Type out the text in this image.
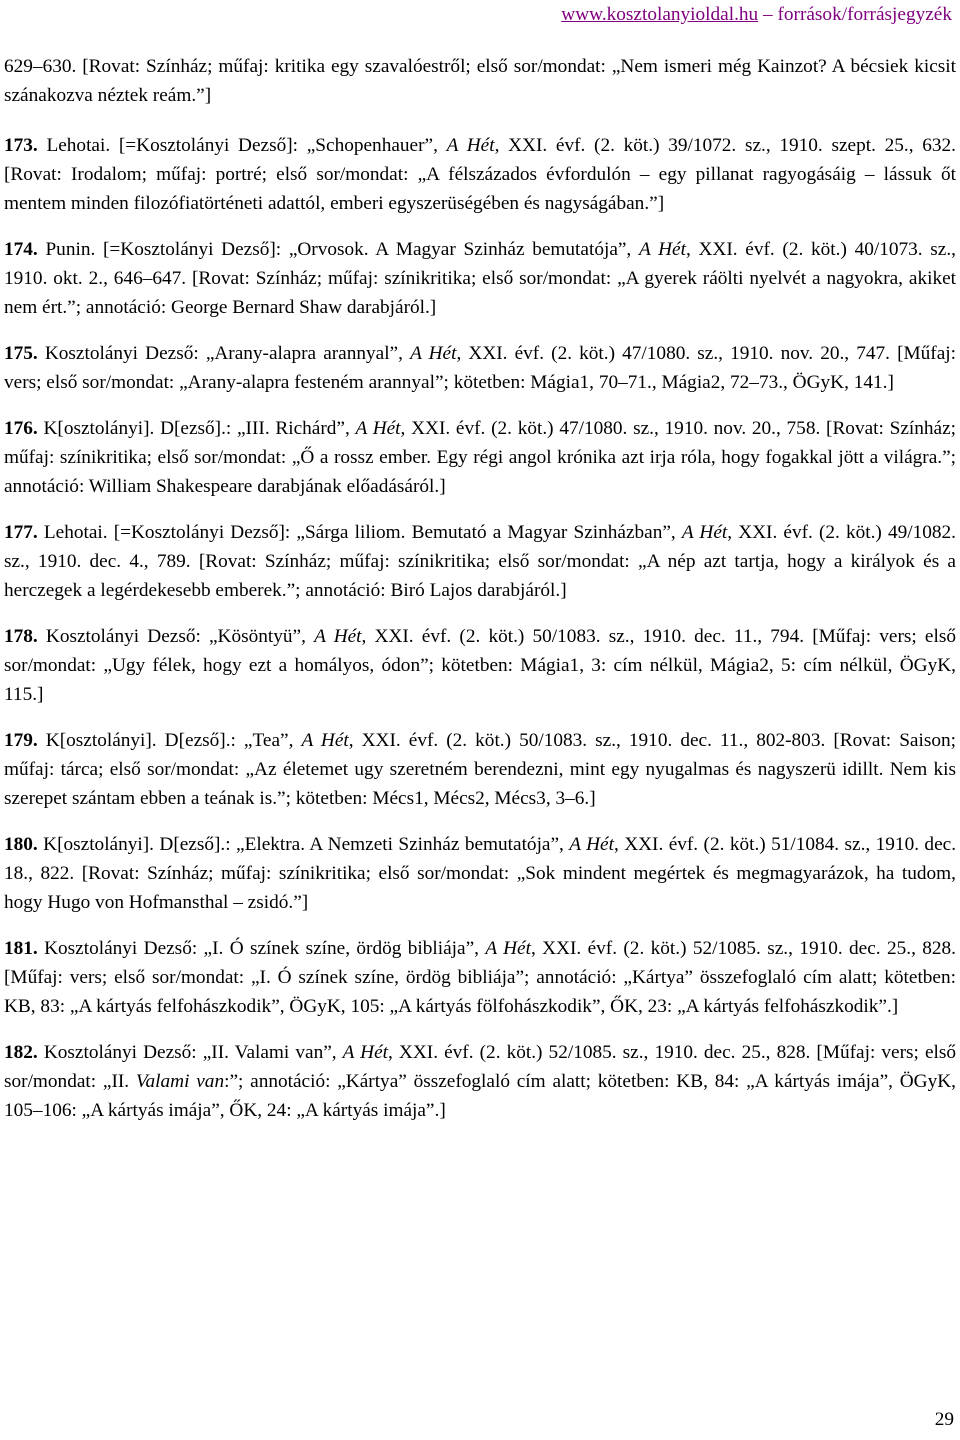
www.kosztolanyioldal.hu – források/forrásjegyzék
629–630. [Rovat: Színház; műfaj: kritika egy szavalóestről; első sor/mondat: „Nem ismeri még Kainzot? A bécsiek kicsit szánakozva néztek reám.”]
173. Lehotai. [=Kosztolányi Dezső]: „Schopenhauer”, A Hét, XXI. évf. (2. köt.) 39/1072. sz., 1910. szept. 25., 632. [Rovat: Irodalom; műfaj: portré; első sor/mondat: „A félszázados évfordulón – egy pillanat ragyogásáig – lássuk őt mentem minden filozófiatörténeti adattól, emberi egyszerüségében és nagyságában.”]
174. Punin. [=Kosztolányi Dezső]: „Orvosok. A Magyar Szinház bemutatója”, A Hét, XXI. évf. (2. köt.) 40/1073. sz., 1910. okt. 2., 646–647. [Rovat: Színház; műfaj: színikritika; első sor/mondat: „A gyerek ráölti nyelvét a nagyokra, akiket nem ért.”; annotáció: George Bernard Shaw darabjáról.]
175. Kosztolányi Dezső: „Arany-alapra arannyal”, A Hét, XXI. évf. (2. köt.) 47/1080. sz., 1910. nov. 20., 747. [Műfaj: vers; első sor/mondat: „Arany-alapra festeném arannyal”; kötetben: Mágia1, 70–71., Mágia2, 72–73., ÖGyK, 141.]
176. K[osztolányi]. D[ezső].: „III. Richárd”, A Hét, XXI. évf. (2. köt.) 47/1080. sz., 1910. nov. 20., 758. [Rovat: Színház; műfaj: színikritika; első sor/mondat: „Ő a rossz ember. Egy régi angol krónika azt irja róla, hogy fogakkal jött a világra.”; annotáció: William Shakespeare darabjának előadásáról.]
177. Lehotai. [=Kosztolányi Dezső]: „Sárga liliom. Bemutató a Magyar Szinházban”, A Hét, XXI. évf. (2. köt.) 49/1082. sz., 1910. dec. 4., 789. [Rovat: Színház; műfaj: színikritika; első sor/mondat: „A nép azt tartja, hogy a királyok és a herczegek a legérdekesebb emberek.”; annotáció: Biró Lajos darabjáról.]
178. Kosztolányi Dezső: „Kösöntyü”, A Hét, XXI. évf. (2. köt.) 50/1083. sz., 1910. dec. 11., 794. [Műfaj: vers; első sor/mondat: „Ugy félek, hogy ezt a homályos, ódon”; kötetben: Mágia1, 3: cím nélkül, Mágia2, 5: cím nélkül, ÖGyK, 115.]
179. K[osztolányi]. D[ezső].: „Tea”, A Hét, XXI. évf. (2. köt.) 50/1083. sz., 1910. dec. 11., 802-803. [Rovat: Saison; műfaj: tárca; első sor/mondat: „Az életemet ugy szeretném berendezni, mint egy nyugalmas és nagyszerü idillt. Nem kis szerepet szántam ebben a teának is.”; kötetben: Mécs1, Mécs2, Mécs3, 3–6.]
180. K[osztolányi]. D[ezső].: „Elektra. A Nemzeti Szinház bemutatója”, A Hét, XXI. évf. (2. köt.) 51/1084. sz., 1910. dec. 18., 822. [Rovat: Színház; műfaj: színikritika; első sor/mondat: „Sok mindent megértek és megmagyarázok, ha tudom, hogy Hugo von Hofmansthal – zsidó.”]
181. Kosztolányi Dezső: „I. Ó színek színe, ördög bibliája”, A Hét, XXI. évf. (2. köt.) 52/1085. sz., 1910. dec. 25., 828. [Műfaj: vers; első sor/mondat: „I. Ó színek színe, ördög bibliája”; annotáció: „Kártya” összefoglaló cím alatt; kötetben: KB, 83: „A kártyás felfohászkodik”, ÖGyK, 105: „A kártyás fölfohászkodik”, ŐK, 23: „A kártyás felfohászkodik”.]
182. Kosztolányi Dezső: „II. Valami van”, A Hét, XXI. évf. (2. köt.) 52/1085. sz., 1910. dec. 25., 828. [Műfaj: vers; első sor/mondat: „II. Valami van:”; annotáció: „Kártya” összefoglaló cím alatt; kötetben: KB, 84: „A kártyás imája”, ÖGyK, 105–106: „A kártyás imája”, ŐK, 24: „A kártyás imája”.]
29
